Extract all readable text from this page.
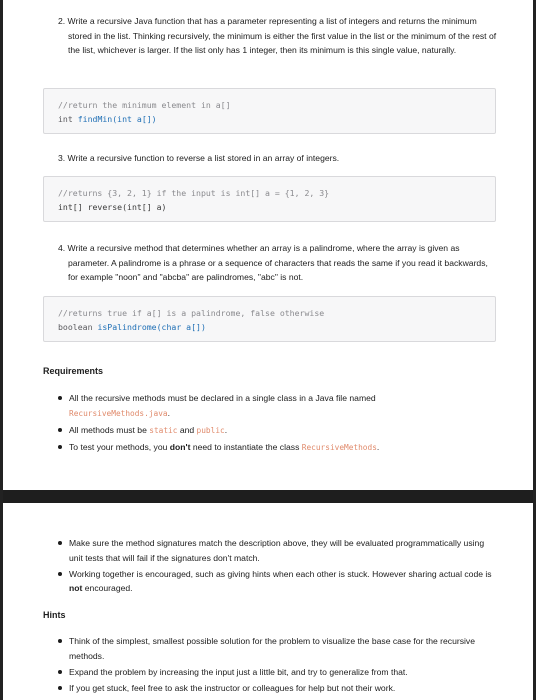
2. Write a recursive Java function that has a parameter representing a list of integers and returns the minimum stored in the list. Thinking recursively, the minimum is either the first value in the list or the minimum of the rest of the list, whichever is larger. If the list only has 1 integer, then its minimum is this single value, naturally.

//return the minimum element in a[]
int findMin(int a[])

3. Write a recursive function to reverse a list stored in an array of integers.

//returns {3, 2, 1} if the input is int[] a = {1, 2, 3}
int[] reverse(int[] a)

4. Write a recursive method that determines whether an array is a palindrome, where the array is given as parameter. A palindrome is a phrase or a sequence of characters that reads the same if you read it backwards, for example "noon" and "abcba" are palindromes, "abc" is not.

//returns true if a[] is a palindrome, false otherwise
boolean isPalindrome(char a[])
Requirements
All the recursive methods must be declared in a single class in a Java file named
RecursiveMethods.java.
All methods must be static and public.
To test your methods, you don't need to instantiate the class RecursiveMethods.
Make sure the method signatures match the description above, they will be evaluated programmatically using unit tests that will fail if the signatures don't match.
Working together is encouraged, such as giving hints when each other is stuck. However sharing actual code is not encouraged.
Hints
Think of the simplest, smallest possible solution for the problem to visualize the base case for the recursive methods.
Expand the problem by increasing the input just a little bit, and try to generalize from that.
If you get stuck, feel free to ask the instructor or colleagues for help but not their work.
